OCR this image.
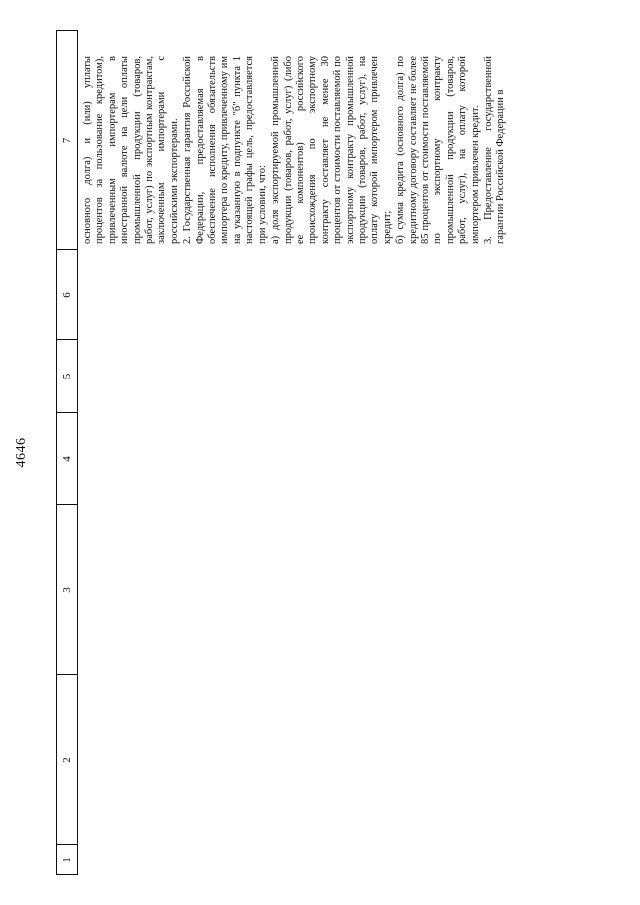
4646
1
2
3
4
5
6
7 основного долга) и (или) уплаты процентов за пользование кредитом), привлеченным импортерам в иностранной валюте на цели оплаты промышленной продукции (товаров, работ, услуг) по экспортным контрактам, заключенным импортерами с российскими экспортерами. 2. Государственная гарантия Российской Федерации, предоставляемая в обеспечение исполнения обязательств импортера по кредиту, привлеченному им на указанную в подпункте "б" пункта 1 настоящей графы цель, предоставляется при условии, что: а) доля экспортируемой промышленной продукции (товаров, работ, услуг) (либо ее компонентов) российского происхождения по экспортному контракту составляет не менее 30 процентов от стоимости поставляемой по экспортному контракту промышленной продукции (товаров, работ, услуг), на оплату которой импортером привлечен кредит; б) сумма кредита (основного долга) по кредитному договору составляет не более 85 процентов от стоимости поставляемой по экспортному контракту промышленной продукции (товаров, работ, услуг), на оплату которой импортером привлечен кредит. 3. Предоставление государственной гарантии Российской Федерации в
